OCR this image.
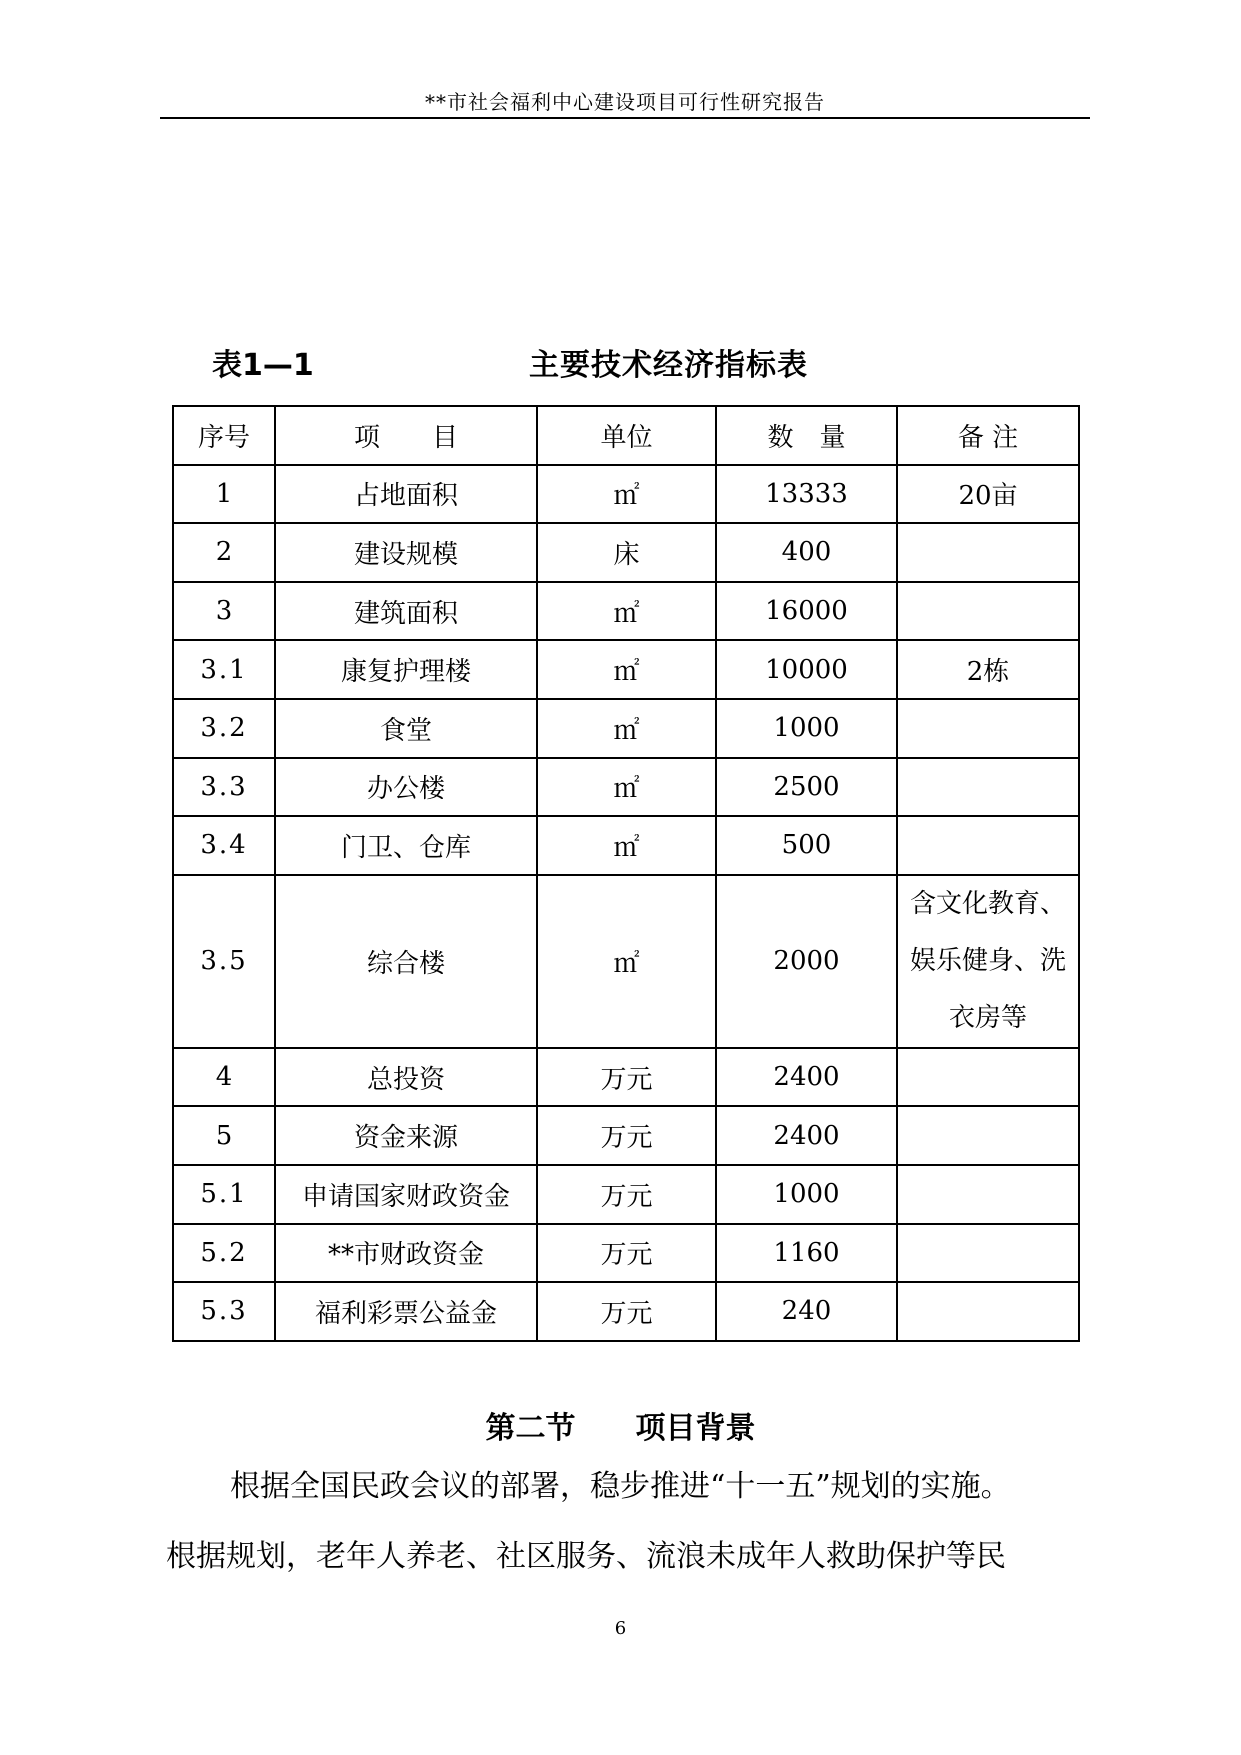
**市社会福利中心建设项目可行性研究报告
表1—1	主要技术经济指标表
序号	项　　目	单位	数　量	备 注
1	占地面积	㎡	13333	20亩
2	建设规模	床	400	
3	建筑面积	㎡	16000	
3.1	康复护理楼	㎡	10000	2栋
3.2	食堂	㎡	1000	
3.3	办公楼	㎡	2500	
3.4	门卫、仓库	㎡	500	
3.5	综合楼	㎡	2000	含文化教育、
娱乐健身、洗
衣房等

4	总投资	万元	2400	
5	资金来源	万元	2400	
5.1	申请国家财政资金	万元	1000	
5.2	**市财政资金	万元	1160	
5.3	福利彩票公益金	万元	240	
第二节　　项目背景
根据全国民政会议的部署，稳步推进“十一五”规划的实施。
根据规划，老年人养老、社区服务、流浪未成年人救助保护等民
6
